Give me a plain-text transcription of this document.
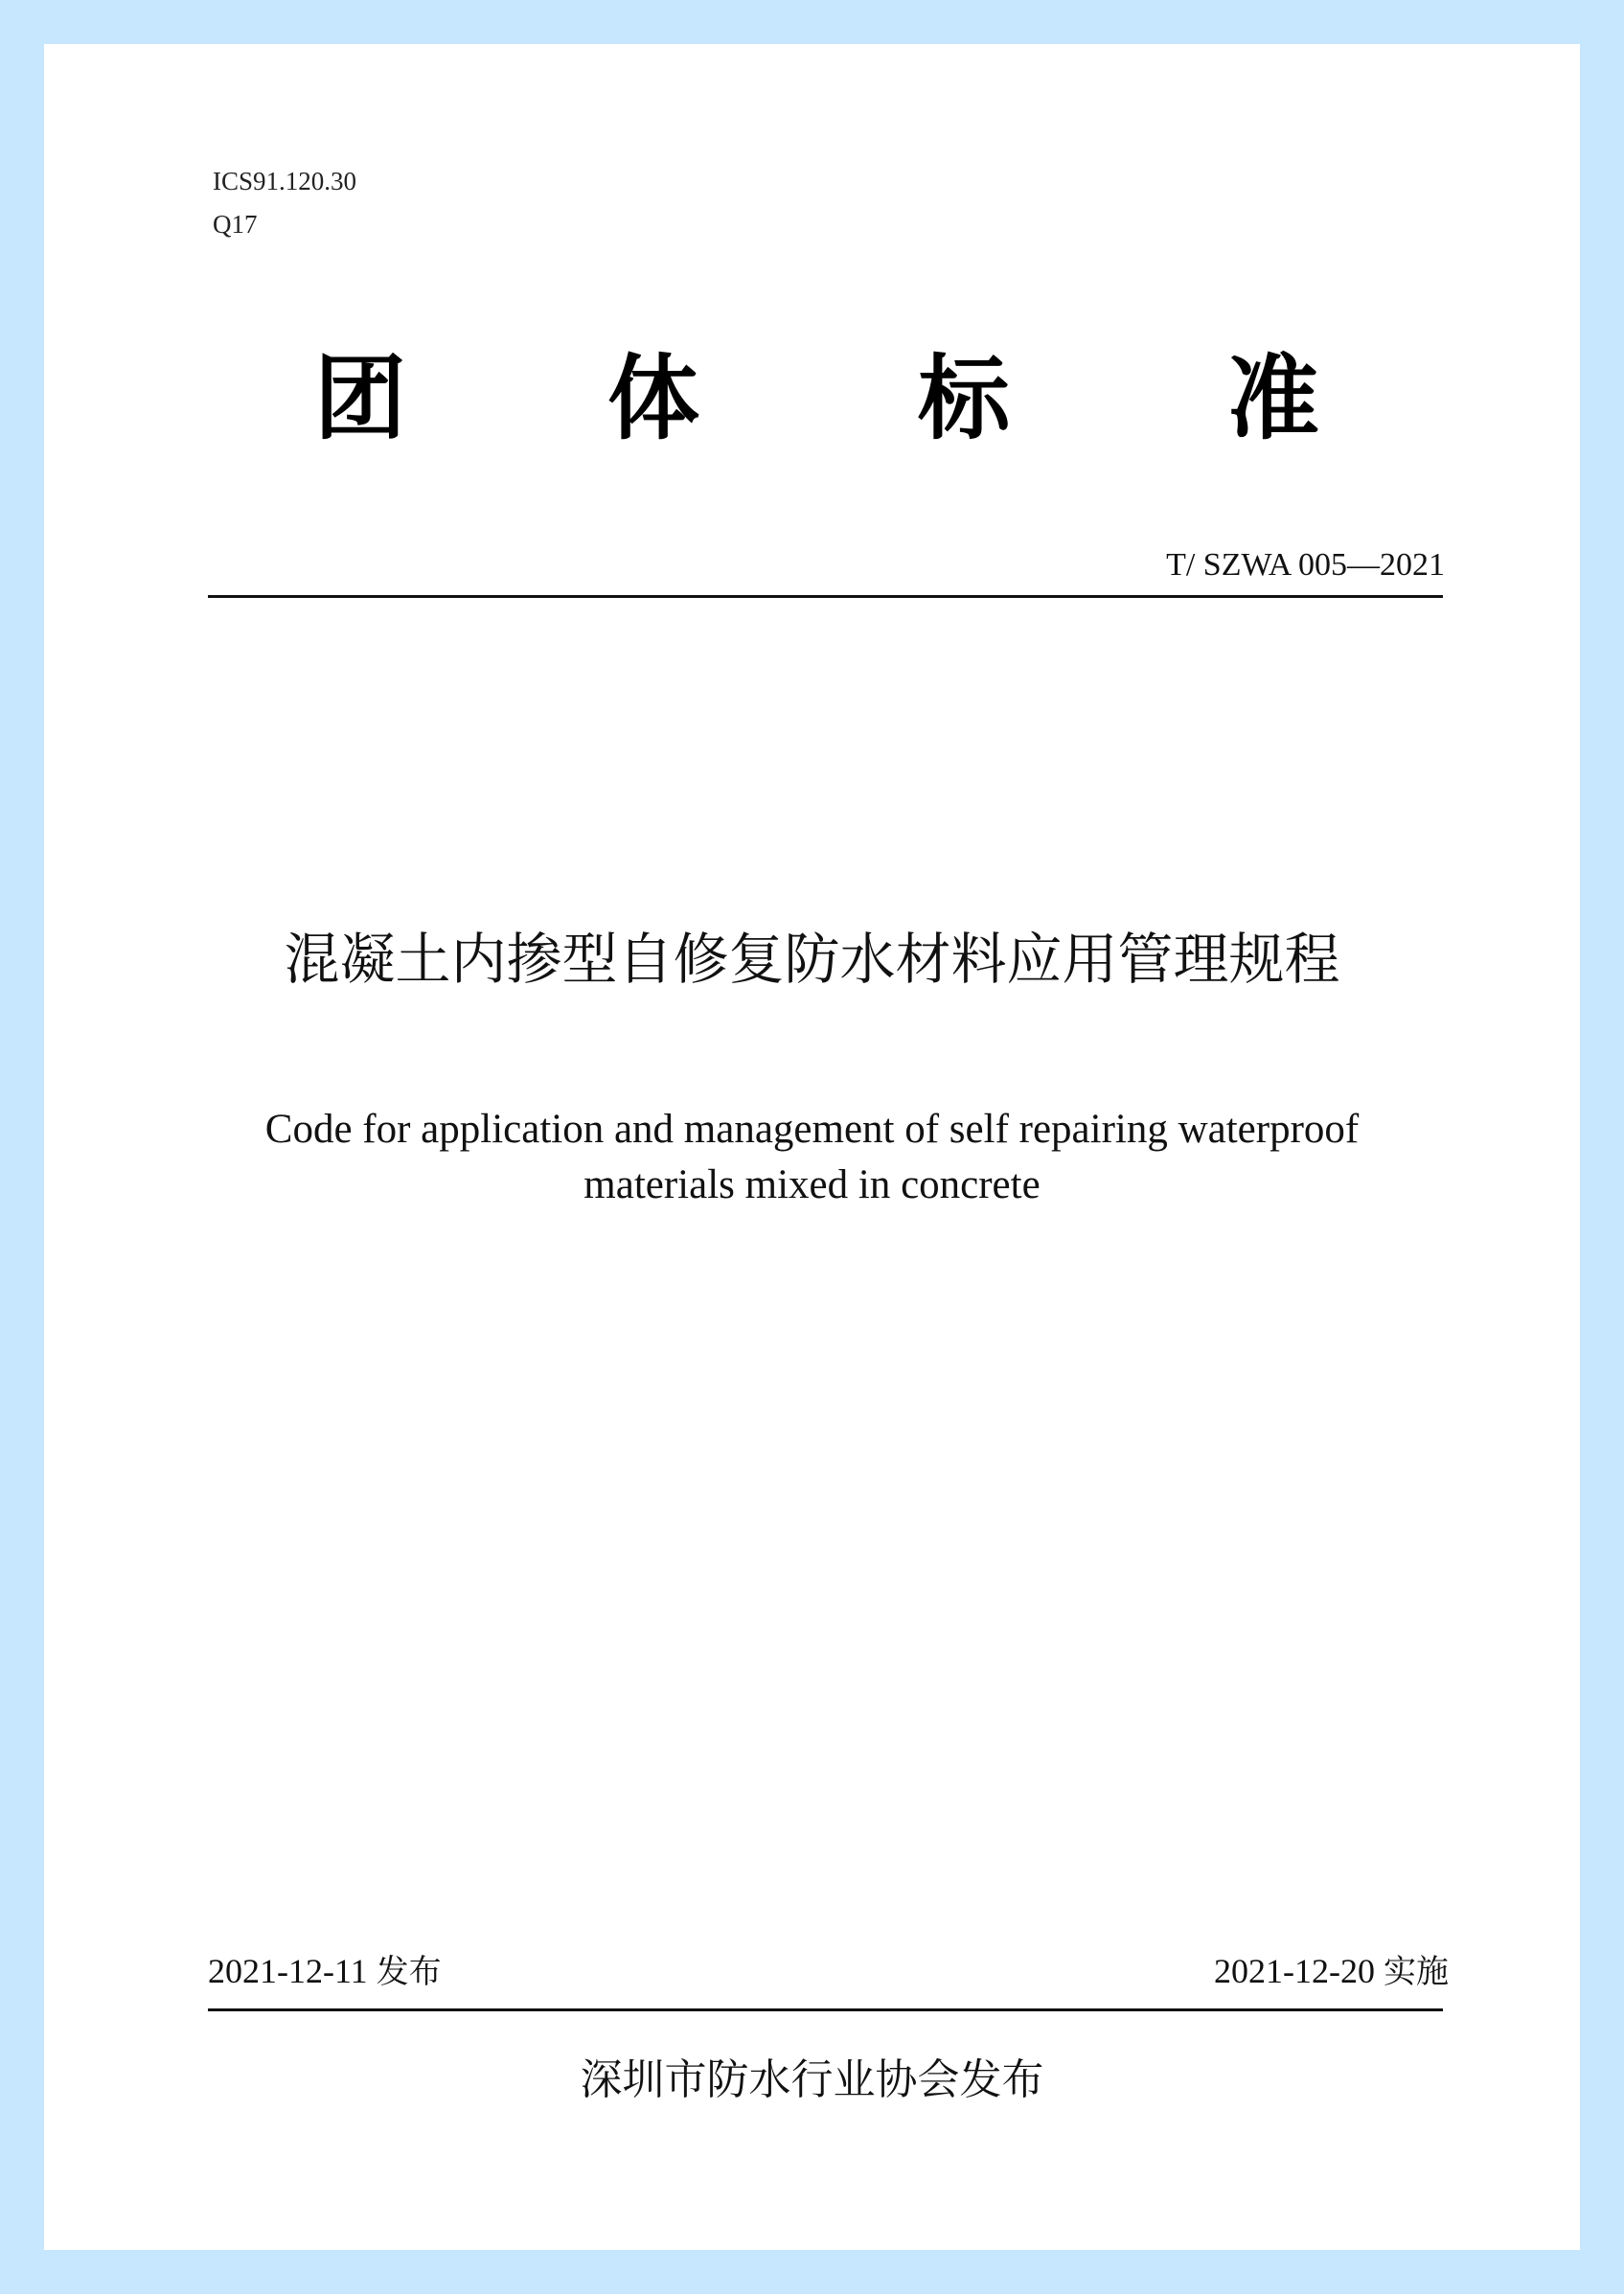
ICS91.120.30
Q17
团 体 标 准
T/ SZWA 005—2021
混凝土内掺型自修复防水材料应用管理规程
Code for application and management of self repairing waterproof
materials mixed in concrete
2021-12-11 发布	2021-12-20 实施
深圳市防水行业协会发布
